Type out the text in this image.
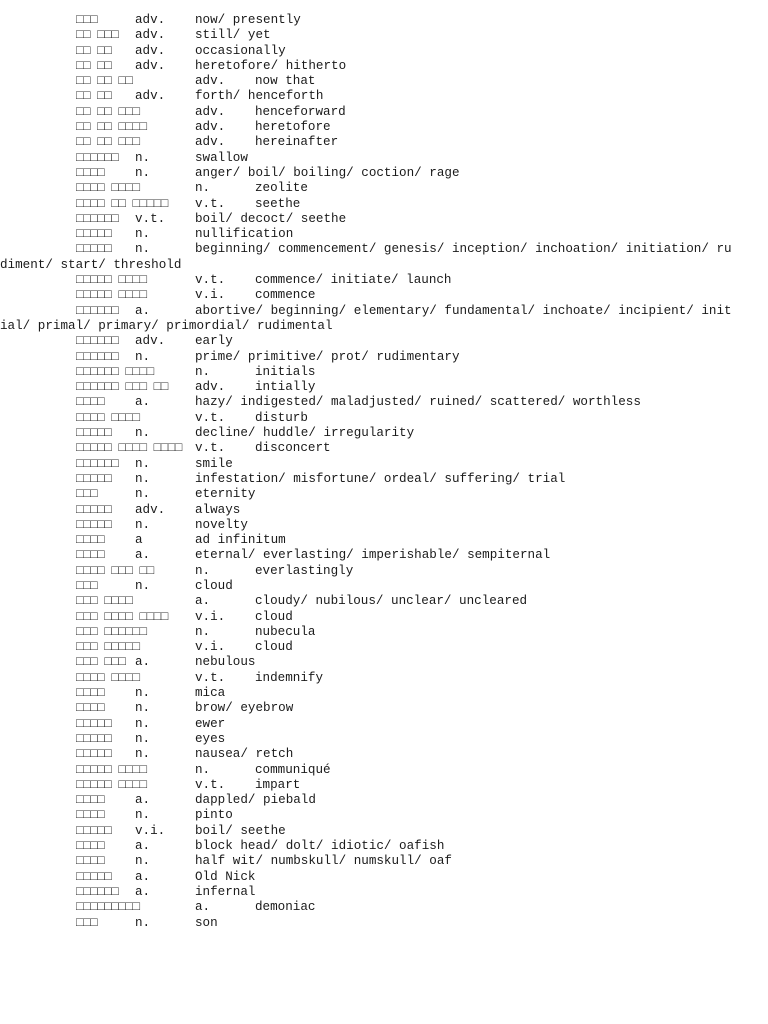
□□□	adv. now/ presently
□□ □□□ adv. still/ yet
□□ □□ adv. occasionally
□□ □□ adv. heretofore/ hitherto
□□ □□ □□	adv. now that
□□ □□ adv. forth/ henceforth
□□ □□ □□□	adv. henceforward
□□ □□ □□□□	adv. heretofore
□□ □□ □□□	adv. hereinafter
□□□□□□ n.	swallow
□□□□ n.	anger/ boil/ boiling/ coction/ rage
□□□□ □□□□	n.	zeolite
□□□□ □□ □□□□□ v.t. seethe
□□□□□□ v.t. boil/ decoct/ seethe
□□□□□ n.	nullification
□□□□□ n.	beginning/ commencement/ genesis/ inception/ inchoation/ initiation/ rudiment/ start/ threshold
□□□□□ □□□□	v.t. commence/ initiate/ launch
□□□□□ □□□□	v.i. commence
□□□□□□ a.	abortive/ beginning/ elementary/ fundamental/ inchoate/ incipient/ initial/ primal/ primary/ primordial/ rudimental
□□□□□□ adv. early
□□□□□□ n.	prime/ primitive/ prot/ rudimentary
□□□□□□ □□□□	n.	initials
□□□□□□ □□□ □□ adv. intially
□□□□ a.	hazy/ indigested/ maladjusted/ ruined/ scattered/ worthless
□□□□ □□□□	v.t. disturb
□□□□□ n.	decline/ huddle/ irregularity
□□□□□ □□□□ □□□□ v.t. disconcert
□□□□□□ n.	smile
□□□□□ n.	infestation/ misfortune/ ordeal/ suffering/ trial
□□□	n.	eternity
□□□□□ adv. always
□□□□□ n.	novelty
□□□□ a	ad infinitum
□□□□ a.	eternal/ everlasting/ imperishable/ sempiternal
□□□□ □□□ □□	n.	everlastingly
□□□	n.	cloud
□□□ □□□□	a.	cloudy/ nubilous/ unclear/ uncleared
□□□ □□□□ □□□□ v.i. cloud
□□□ □□□□□□	n.	nubecula
□□□ □□□□□	v.i. cloud
□□□ □□□ a.	nebulous
□□□□ □□□□	v.t. indemnify
□□□□ n.	mica
□□□□ n.	brow/ eyebrow
□□□□□ n.	ewer
□□□□□ n.	eyes
□□□□□ n.	nausea/ retch
□□□□□ □□□□	n.	communiqué
□□□□□ □□□□	v.t. impart
□□□□ a.	dappled/ piebald
□□□□ n.	pinto
□□□□□ v.i. boil/ seethe
□□□□ a.	block head/ dolt/ idiotic/ oafish
□□□□ n.	half wit/ numbskull/ numskull/ oaf
□□□□□ a.	Old Nick
□□□□□□ a.	infernal
□□□□□□□□□	a.	demoniac
□□□	n.	son
